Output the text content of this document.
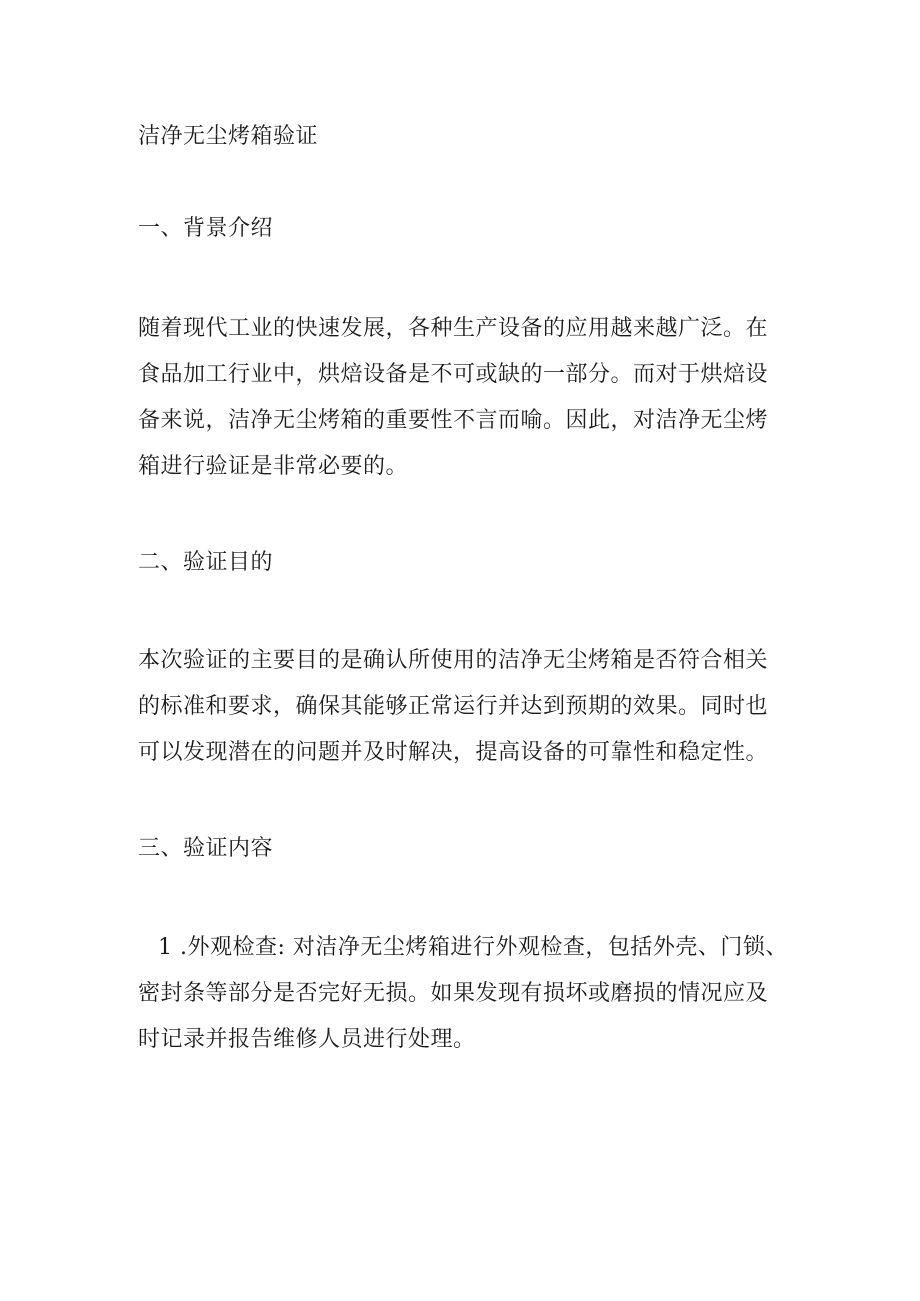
洁净无尘烤箱验证
一、背景介绍
随着现代工业的快速发展，各种生产设备的应用越来越广泛。在
食品加工行业中，烘焙设备是不可或缺的一部分。而对于烘焙设
备来说，洁净无尘烤箱的重要性不言而喻。因此，对洁净无尘烤
箱进行验证是非常必要的。
二、验证目的
本次验证的主要目的是确认所使用的洁净无尘烤箱是否符合相关
的标准和要求，确保其能够正常运行并达到预期的效果。同时也
可以发现潜在的问题并及时解决，提高设备的可靠性和稳定性。
三、验证内容
1 .外观检查: 对洁净无尘烤箱进行外观检查，包括外壳、门锁、
密封条等部分是否完好无损。如果发现有损坏或磨损的情况应及
时记录并报告维修人员进行处理。
